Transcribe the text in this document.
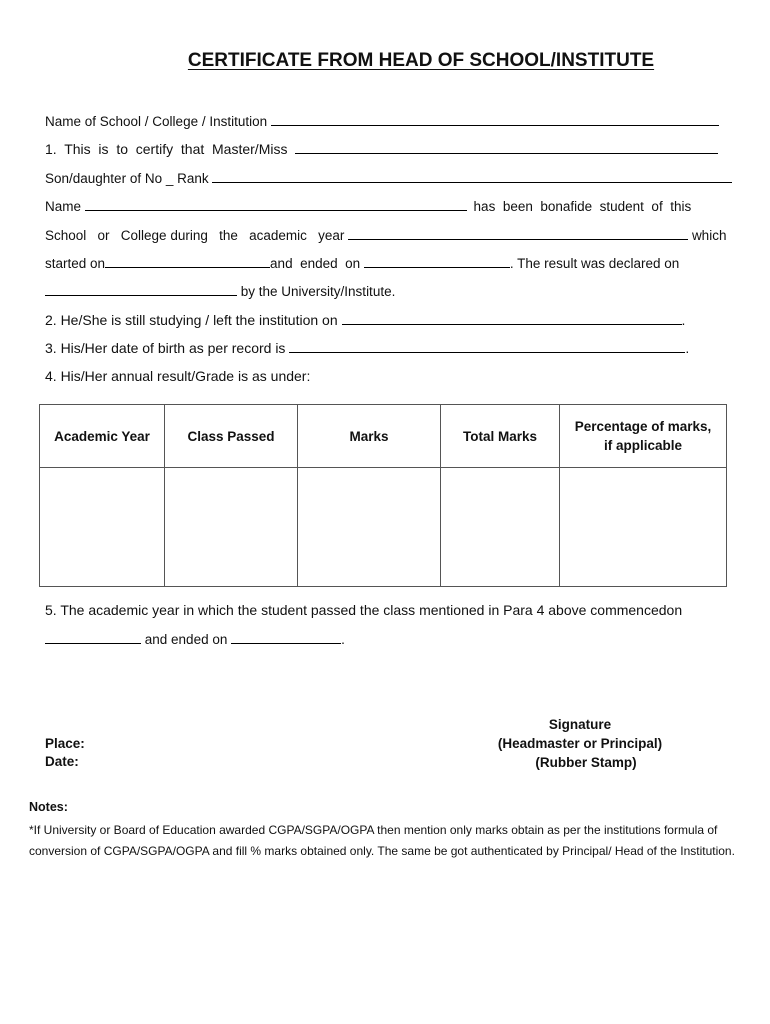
CERTIFICATE FROM HEAD OF SCHOOL/INSTITUTE
Name of School / College / Institution
1.  This  is  to  certify  that  Master/Miss
Son/daughter of No _ Rank
Name	has  been  bonafide  student  of  this
School   or   College during   the   academic   year	which
started on	and  ended  on	. The result was declared on
by the University/Institute.
2. He/She is still studying / left the institution on	.
3. His/Her date of birth as per record is	.
4. His/Her annual result/Grade is as under:
Academic Year	Class Passed	Marks	Total Marks	Percentage of marks,
if applicable

5. The academic year in which the student passed the class mentioned in Para 4 above commencedon
and ended on	.
Signature
(Headmaster or Principal)
(Rubber Stamp)
Place:
Date:
Notes:
*If University or Board of Education awarded CGPA/SGPA/OGPA then mention only marks obtain as per the institutions formula of conversion of CGPA/SGPA/OGPA and fill % marks obtained only. The same be got authenticated by Principal/ Head of the Institution.
